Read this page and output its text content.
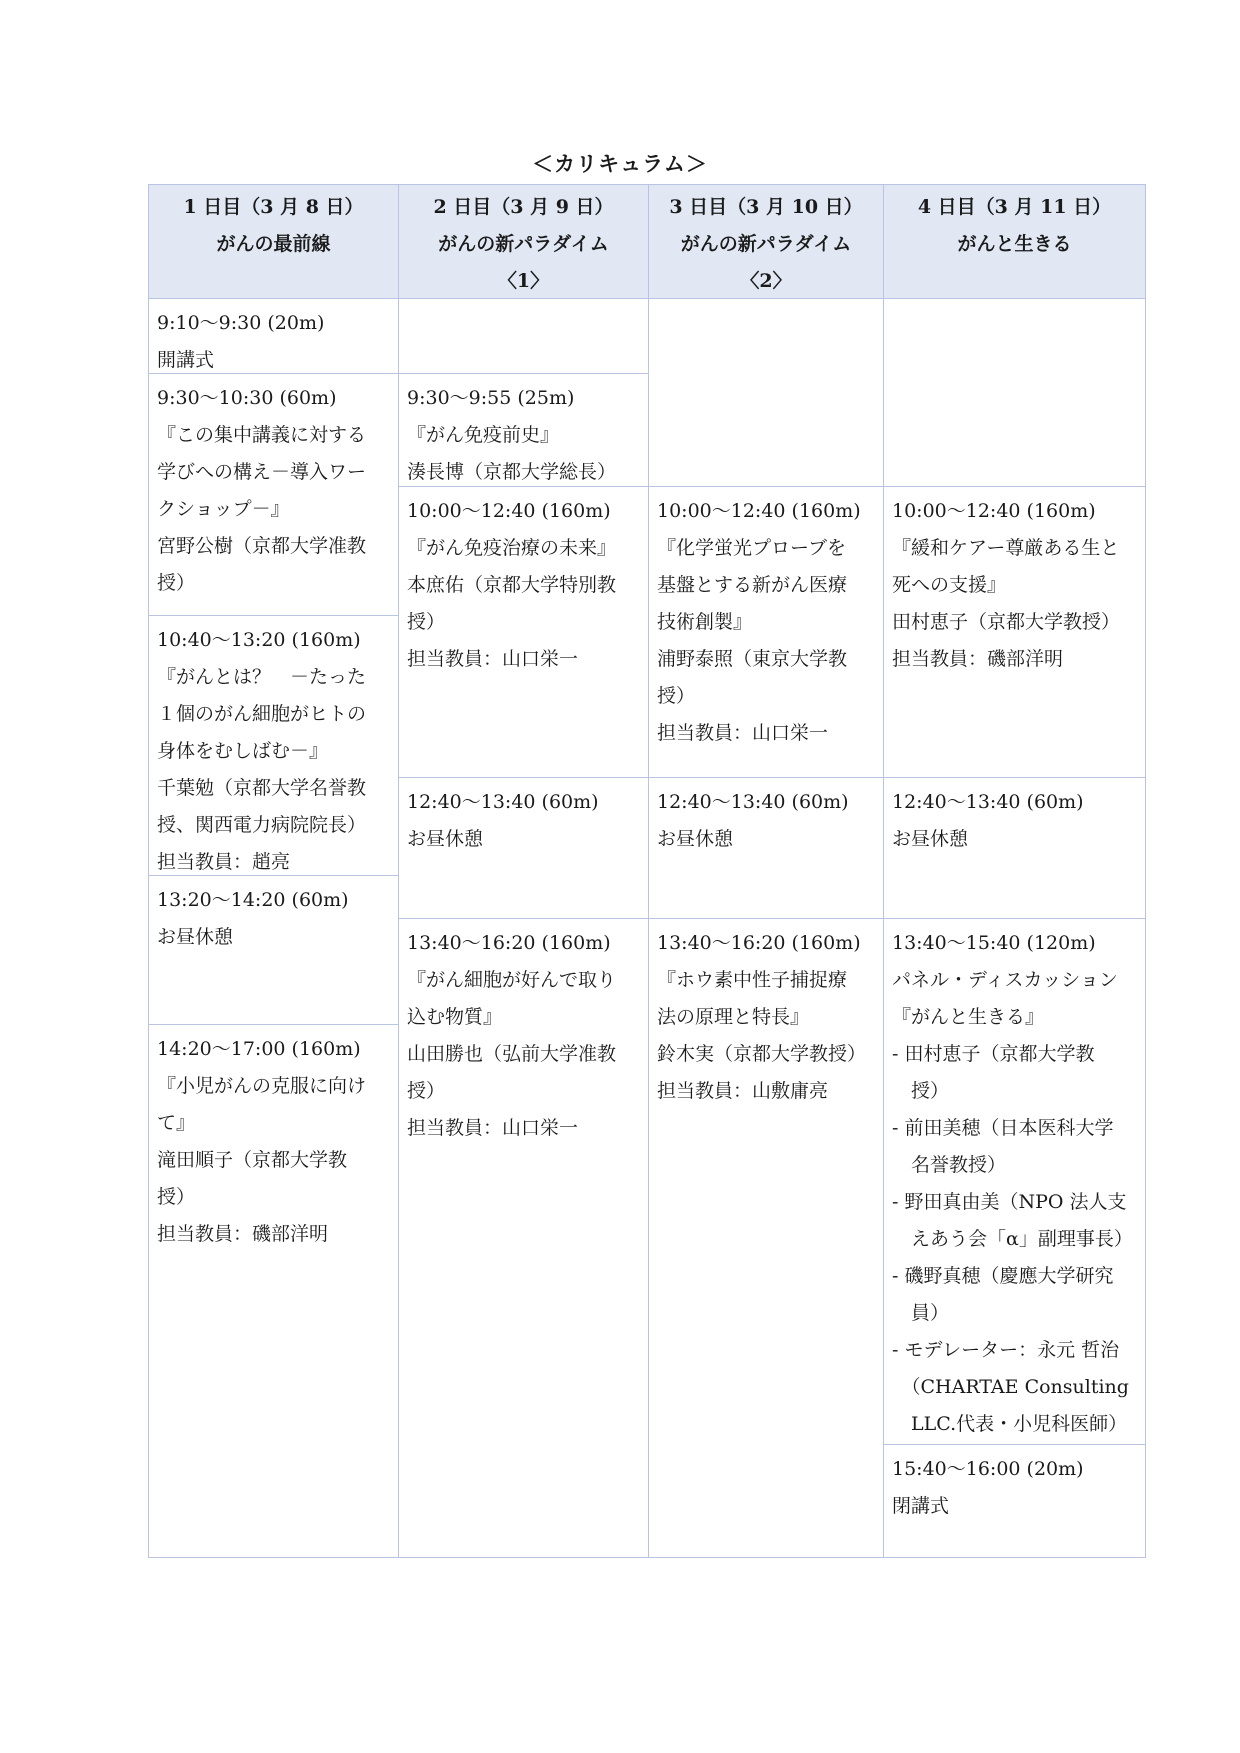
＜カリキュラム＞
1 日目（3 月 8 日）
がんの最前線
2 日目（3 月 9 日）
がんの新パラダイム
〈1〉
3 日目（3 月 10 日）
がんの新パラダイム
〈2〉
4 日目（3 月 11 日）
がんと生きる
9:10～9:30 (20m)
開講式
9:30～10:30 (60m)
『この集中講義に対する
学びへの構え－導入ワー
クショップ－』
宮野公樹（京都大学准教
授）
10:40～13:20 (160m)
『がんとは？　－たった
１個のがん細胞がヒトの
身体をむしばむ－』
千葉勉（京都大学名誉教
授、関西電力病院院長）
担当教員：趙亮
13:20～14:20 (60m)
お昼休憩
14:20～17:00 (160m)
『小児がんの克服に向け
て』
滝田順子（京都大学教
授）
担当教員：磯部洋明
9:30～9:55 (25m)
『がん免疫前史』
湊長博（京都大学総長）
10:00～12:40 (160m)
『がん免疫治療の未来』
本庶佑（京都大学特別教
授）
担当教員：山口栄一
12:40～13:40 (60m)
お昼休憩
13:40～16:20 (160m)
『がん細胞が好んで取り
込む物質』
山田勝也（弘前大学准教
授）
担当教員：山口栄一
10:00～12:40 (160m)
『化学蛍光プローブを
基盤とする新がん医療
技術創製』
浦野泰照（東京大学教
授）
担当教員：山口栄一
12:40～13:40 (60m)
お昼休憩
13:40～16:20 (160m)
『ホウ素中性子捕捉療
法の原理と特長』
鈴木実（京都大学教授）
担当教員：山敷庸亮
10:00～12:40 (160m)
『緩和ケアー尊厳ある生と
死への支援』
田村恵子（京都大学教授）
担当教員：磯部洋明
12:40～13:40 (60m)
お昼休憩
13:40～15:40 (120m)
パネル・ディスカッション
『がんと生きる』
- 田村恵子（京都大学教
　授）
- 前田美穂（日本医科大学
　名誉教授）
- 野田真由美（NPO 法人支
　えあう会「α」副理事長）
- 磯野真穂（慶應大学研究
　員）
- モデレーター：永元 哲治
　（CHARTAE Consulting
　LLC.代表・小児科医師）
15:40～16:00 (20m)
閉講式
